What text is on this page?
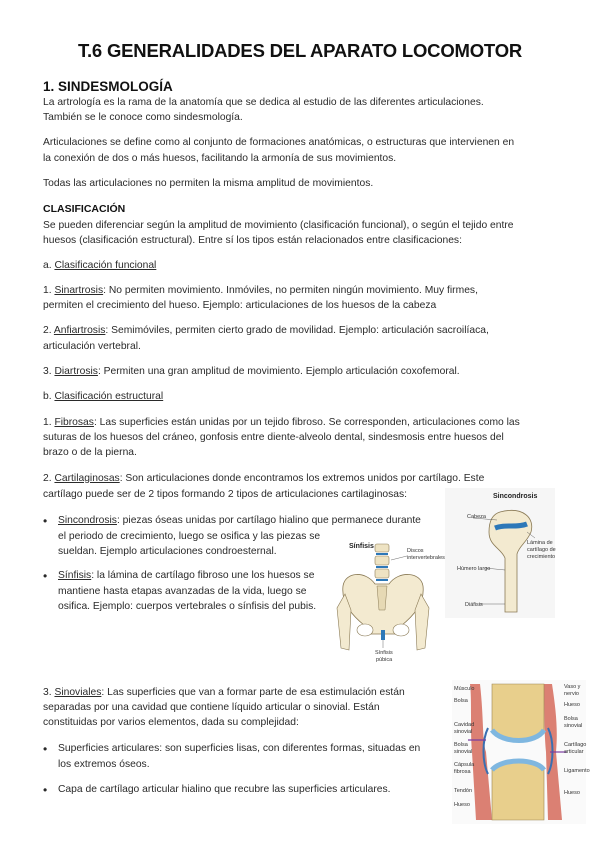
T.6 GENERALIDADES DEL APARATO LOCOMOTOR
1. SINDESMOLOGÍA
La artrología es la rama de la anatomía que se dedica al estudio de las diferentes articulaciones.
También se le conoce como sindesmología.
Articulaciones se define como al conjunto de formaciones anatómicas, o estructuras que intervienen en
la conexión de dos o más huesos, facilitando la armonía de sus movimientos.
Todas las articulaciones no permiten la misma amplitud de movimientos.
CLASIFICACIÓN
Se pueden diferenciar según la amplitud de movimiento (clasificación funcional), o según el tejido entre
huesos (clasificación estructural). Entre sí los tipos están relacionados entre clasificaciones:
a. Clasificación funcional
1. Sinartrosis: No permiten movimiento. Inmóviles, no permiten ningún movimiento. Muy firmes,
permiten el crecimiento del hueso. Ejemplo: articulaciones de los huesos de la cabeza
2. Anfiartrosis: Semimóviles, permiten cierto grado de movilidad. Ejemplo: articulación sacroilíaca,
articulación vertebral.
3. Diartrosis: Permiten una gran amplitud de movimiento. Ejemplo articulación coxofemoral.
b. Clasificación estructural
1. Fibrosas: Las superficies están unidas por un tejido fibroso. Se corresponden, articulaciones como las
suturas de los huesos del cráneo, gonfosis entre diente-alveolo dental, sindesmosis entre huesos del
brazo o de la pierna.
2. Cartilaginosas: Son articulaciones donde encontramos los extremos unidos por cartílago. Este
cartílago puede ser de 2 tipos formando 2 tipos de articulaciones cartilaginosas:
• Sincondrosis: piezas óseas unidas por cartílago hialino que permanece durante
el periodo de crecimiento, luego se osifica y las piezas se
sueldan. Ejemplo articulaciones condroesternal.
• Sínfisis: la lámina de cartílago fibroso une los huesos se
mantiene hasta etapas avanzadas de la vida, luego se
osifica. Ejemplo: cuerpos vertebrales o sínfisis del pubis.
3. Sinoviales: Las superficies que van a formar parte de esa estimulación están
separadas por una cavidad que contiene líquido articular o sinovial. Están
constituidas por varios elementos, dada su complejidad:
• Superficies articulares: son superficies lisas, con diferentes formas, situadas en
los extremos óseos.
• Capa de cartílago articular hialino que recubre las superficies articulares.
Sincondrosis
Cabeza
Lámina de
cartílago de
crecimiento
Húmero largo
Diáfisis
Sínfisis
Discos
intervertebrales
Sínfisis
púbica
Músculo
Bolsa
Cavidad
sinovial
Bolsa
sinovial
Cápsula
fibrosa
Tendón
Hueso
Vaso y
nervio
Hueso
Bolsa
sinovial
Cartílago
articular
Ligamento
Hueso
